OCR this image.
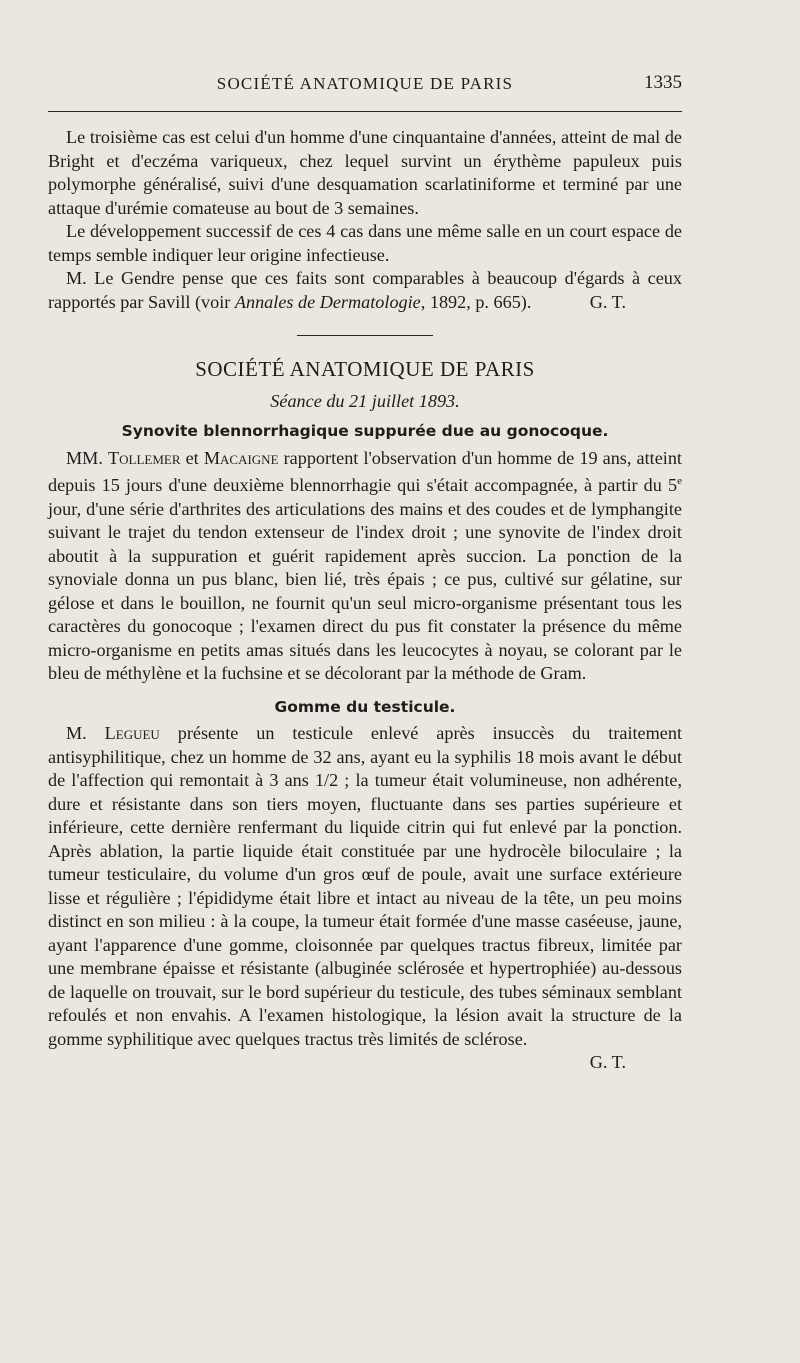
SOCIÉTÉ ANATOMIQUE DE PARIS	1335

Le troisième cas est celui d'un homme d'une cinquantaine d'années, atteint de mal de Bright et d'eczéma variqueux, chez lequel survint un érythème papuleux puis polymorphe généralisé, suivi d'une desquamation scarlatiniforme et terminé par une attaque d'urémie comateuse au bout de 3 semaines.

Le développement successif de ces 4 cas dans une même salle en un court espace de temps semble indiquer leur origine infectieuse.

M. Le Gendre pense que ces faits sont comparables à beaucoup d'égards à ceux rapportés par Savill (voir Annales de Dermatologie, 1892, p. 665).	G. T.

SOCIÉTÉ ANATOMIQUE DE PARIS
Séance du 21 juillet 1893.
Synovite blennorrhagique suppurée due au gonocoque.

MM. Tollemer et Macaigne rapportent l'observation d'un homme de 19 ans, atteint depuis 15 jours d'une deuxième blennorrhagie qui s'était accompagnée, à partir du 5e jour, d'une série d'arthrites des articulations des mains et des coudes et de lymphangite suivant le trajet du tendon extenseur de l'index droit ; une synovite de l'index droit aboutit à la suppuration et guérit rapidement après succion. La ponction de la synoviale donna un pus blanc, bien lié, très épais ; ce pus, cultivé sur gélatine, sur gélose et dans le bouillon, ne fournit qu'un seul micro-organisme présentant tous les caractères du gonocoque ; l'examen direct du pus fit constater la présence du même micro-organisme en petits amas situés dans les leucocytes à noyau, se colorant par le bleu de méthylène et la fuchsine et se décolorant par la méthode de Gram.

Gomme du testicule.

M. Legueu présente un testicule enlevé après insuccès du traitement antisyphilitique, chez un homme de 32 ans, ayant eu la syphilis 18 mois avant le début de l'affection qui remontait à 3 ans 1/2 ; la tumeur était volumineuse, non adhérente, dure et résistante dans son tiers moyen, fluctuante dans ses parties supérieure et inférieure, cette dernière renfermant du liquide citrin qui fut enlevé par la ponction. Après ablation, la partie liquide était constituée par une hydrocèle biloculaire ; la tumeur testiculaire, du volume d'un gros œuf de poule, avait une surface extérieure lisse et régulière ; l'épididyme était libre et intact au niveau de la tête, un peu moins distinct en son milieu : à la coupe, la tumeur était formée d'une masse caséeuse, jaune, ayant l'apparence d'une gomme, cloisonnée par quelques tractus fibreux, limitée par une membrane épaisse et résistante (albuginée sclérosée et hypertrophiée) au-dessous de laquelle on trouvait, sur le bord supérieur du testicule, des tubes séminaux semblant refoulés et non envahis. A l'examen histologique, la lésion avait la structure de la gomme syphilitique avec quelques tractus très limités de sclérose.

G. T.
